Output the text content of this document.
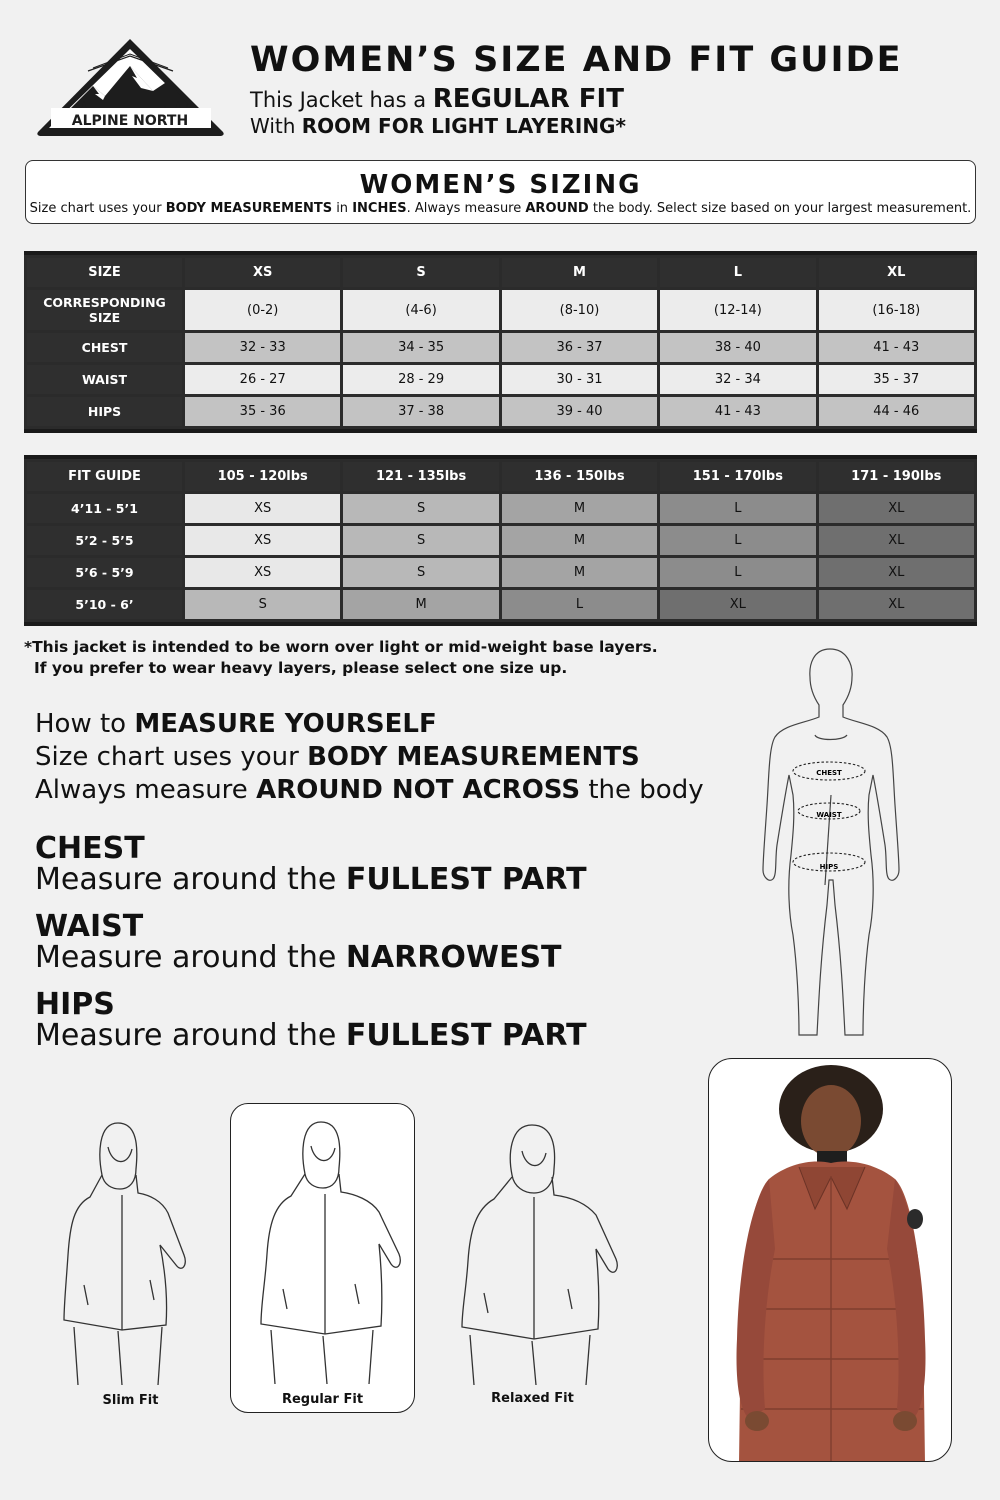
ALPINE NORTH
WOMEN’S SIZE AND FIT GUIDE
This Jacket has a REGULAR FIT
With ROOM FOR LIGHT LAYERING*
WOMEN’S SIZING
Size chart uses your BODY MEASUREMENTS in INCHES. Always measure AROUND the body. Select size based on your largest measurement.
SIZE	XS	S	M	L	XL
CORRESPONDING SIZE	(0-2)	(4-6)	(8-10)	(12-14)	(16-18)
CHEST	32 - 33	34 - 35	36 - 37	38 - 40	41 - 43
WAIST	26 - 27	28 - 29	30 - 31	32 - 34	35 - 37
HIPS	35 - 36	37 - 38	39 - 40	41 - 43	44 - 46
FIT GUIDE	105 - 120lbs	121 - 135lbs	136 - 150lbs	151 - 170lbs	171 - 190lbs
4’11 - 5’1	XS	S	M	L	XL
5’2 - 5’5	XS	S	M	L	XL
5’6 - 5’9	XS	S	M	L	XL
5’10 - 6’	S	M	L	XL	XL
*This jacket is intended to be worn over light or mid-weight base layers.
If you prefer to wear heavy layers, please select one size up.
How to MEASURE YOURSELF
Size chart uses your BODY MEASUREMENTS
Always measure AROUND NOT ACROSS the body
CHEST
Measure around the FULLEST PART
WAIST
Measure around the NARROWEST
HIPS
Measure around the FULLEST PART
CHEST
WAIST
HIPS
Slim Fit	Regular Fit	Relaxed Fit
